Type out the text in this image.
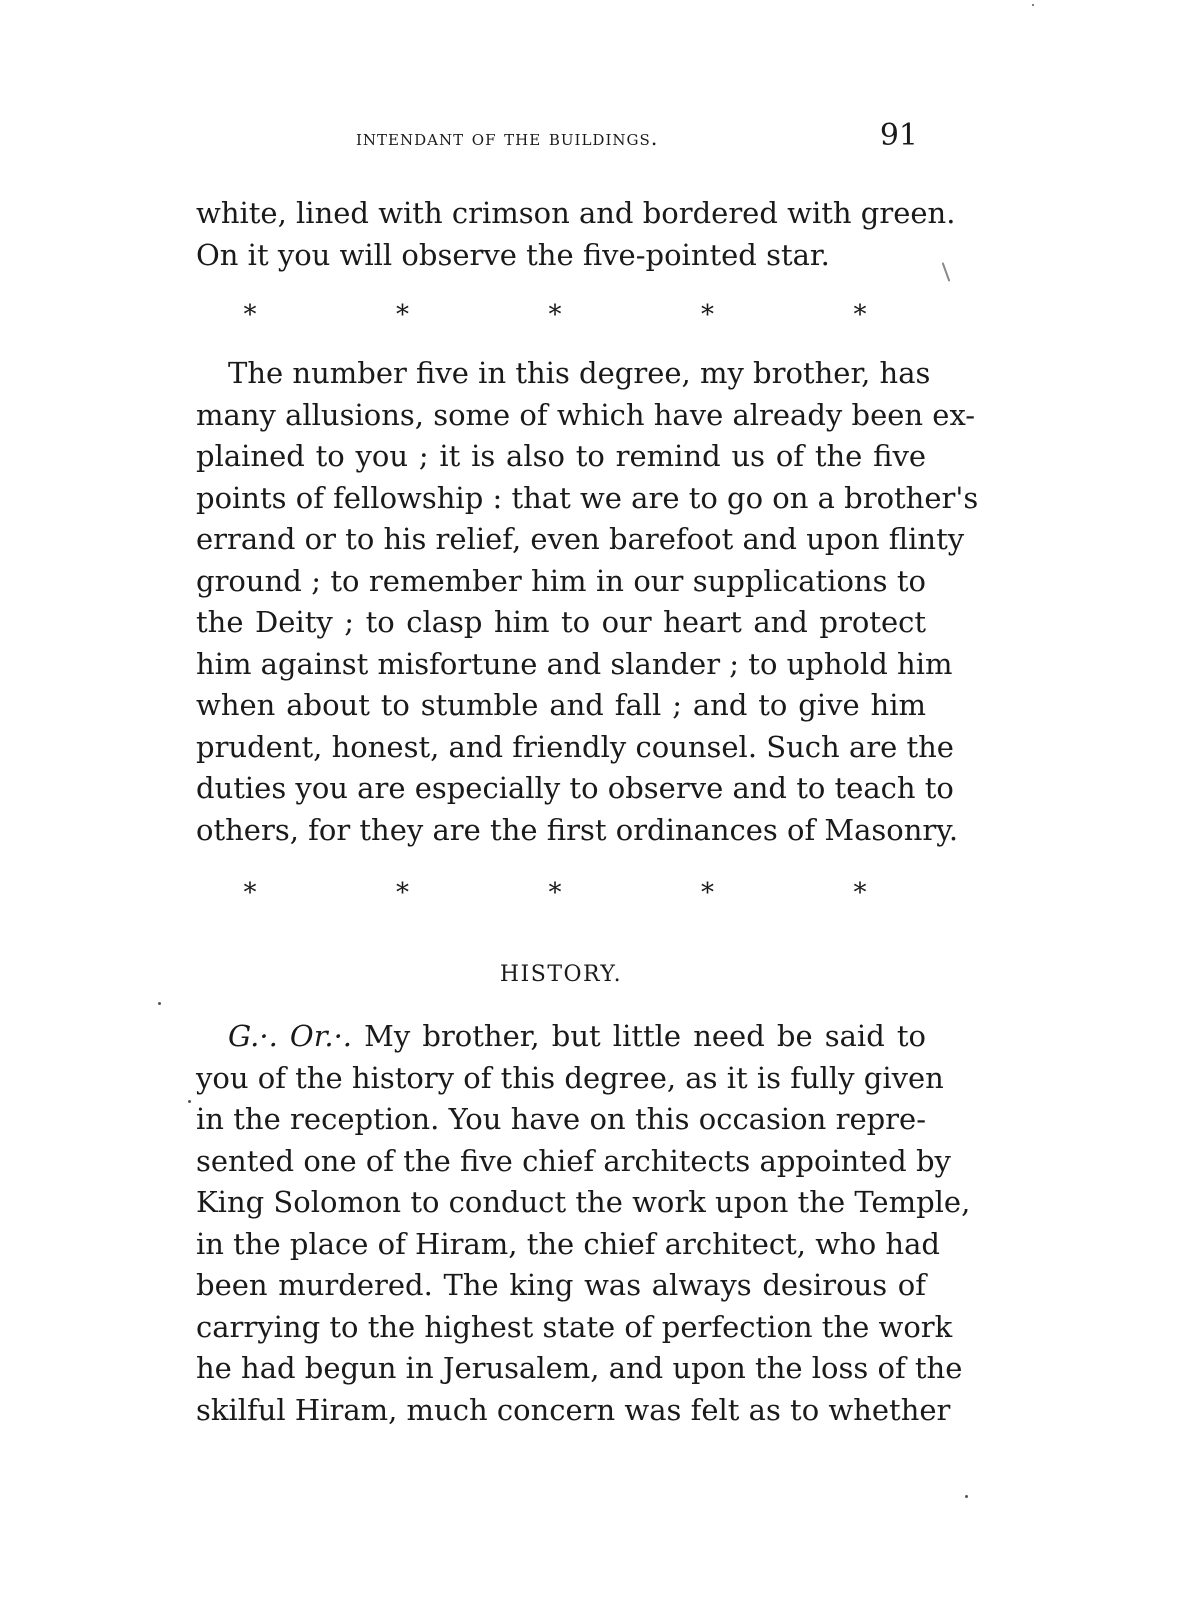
intendant of the buildings.	91
white, lined with crimson and bordered with green.
On it you will observe the five-pointed star.
*	*	*	*	*
The number five in this degree, my brother, has
many allusions, some of which have already been ex-
plained to you ; it is also to remind us of the five
points of fellowship : that we are to go on a brother's
errand or to his relief, even barefoot and upon flinty
ground ; to remember him in our supplications to
the Deity ; to clasp him to our heart and protect
him against misfortune and slander ; to uphold him
when about to stumble and fall ; and to give him
prudent, honest, and friendly counsel. Such are the
duties you are especially to observe and to teach to
others, for they are the first ordinances of Masonry.
*	*	*	*	*
HISTORY.
G.·. Or.·. My brother, but little need be said to
you of the history of this degree, as it is fully given
in the reception. You have on this occasion repre-
sented one of the five chief architects appointed by
King Solomon to conduct the work upon the Temple,
in the place of Hiram, the chief architect, who had
been murdered. The king was always desirous of
carrying to the highest state of perfection the work
he had begun in Jerusalem, and upon the loss of the
skilful Hiram, much concern was felt as to whether
